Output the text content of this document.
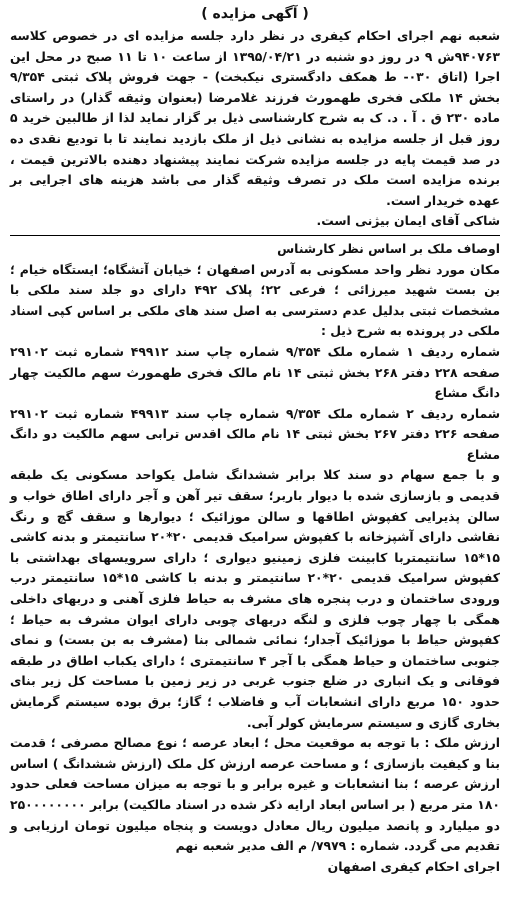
( آگهی مزایده )

شعبه نهم اجرای احکام کیفری در نظر دارد جلسه مزایده ای در خصوص کلاسه ۹۴۰۷۶۳ش ۹ در روز دو شنبه در ۱۳۹۵/۰۴/۲۱ از ساعت ۱۰ تا ۱۱ صبح در محل این اجرا (اتاق ۰۳۰- ط همکف دادگستری نیکبخت) - جهت فروش پلاک ثبتی ۹/۳۵۴ بخش ۱۴ ملکی فخری طهمورث فرزند غلامرضا (بعنوان وثیقه گذار) در راستای ماده ۲۳۰ ق . آ . د. ک به شرح کارشناسی ذیل بر گزار نماید لذا از طالبین خرید ۵ روز قبل از جلسه مزایده به نشانی ذیل از ملک بازدید نمایند تا با تودیع نقدی ده در صد قیمت پایه در جلسه مزایده شرکت نمایند پیشنهاد دهنده بالاترین قیمت ، برنده مزایده است ملک در تصرف وثیقه گذار می باشد هزینه های اجرایی بر عهده خریدار است.

شاکی آقای ایمان بیژنی است.

اوصاف ملک بر اساس نظر کارشناس

مکان مورد نظر واحد مسکونی به آدرس اصفهان ؛ خیابان آتشگاه؛ ایستگاه خیام ؛ بن بست شهید میرزائی ؛ فرعی ۲۲؛ پلاک ۴۹۲ دارای دو جلد سند ملکی با مشخصات ثبتی بدلیل عدم دسترسی به اصل سند های ملکی بر اساس کپی اسناد ملکی در پرونده به شرح ذیل :

شماره ردیف ۱ شماره ملک ۹/۳۵۴ شماره چاپ سند ۴۹۹۱۲ شماره ثبت ۲۹۱۰۲ صفحه ۲۲۸ دفتر ۲۶۸ بخش ثبتی ۱۴ نام مالک فخری طهمورث سهم مالکیت چهار دانگ مشاع

شماره ردیف ۲ شماره ملک ۹/۳۵۴ شماره چاپ سند ۴۹۹۱۳ شماره ثبت ۲۹۱۰۲ صفحه ۲۲۶ دفتر ۲۶۷ بخش ثبتی ۱۴ نام مالک اقدس ترابی سهم مالکیت دو دانگ مشاع

و با جمع سهام دو سند کلا برابر ششدانگ شامل یکواحد مسکونی یک طبقه قدیمی و بازسازی شده با دیوار باربر؛ سقف تیر آهن و آجر دارای اطاق خواب و سالن پذیرایی کفپوش اطاقها و سالن موزائیک ؛ دیوارها و سقف گچ و رنگ نقاشی دارای آشپزخانه با کفپوش سرامیک قدیمی ۲۰*۲۰ سانتیمتر و بدنه کاشی ۱۵*۱۵ سانتیمتربا کابینت فلزی زمینیو دیواری ؛ دارای سرویسهای بهداشتی با کفپوش سرامیک قدیمی ۲۰*۲۰ سانتیمتر و بدنه با کاشی ۱۵*۱۵ سانتیمتر درب ورودی ساختمان و درب پنجره های مشرف به حیاط فلزی آهنی و دربهای داخلی همگی با چهار چوب فلزی و لنگه دربهای چوبی دارای ایوان مشرف به حیاط ؛ کفپوش حیاط با موزائیک آجدار؛ نمائی شمالی بنا (مشرف به بن بست) و نمای جنوبی ساختمان و حیاط همگی با آجر ۴ سانتیمتری ؛ دارای یکباب اطاق در طبقه فوقانی و یک انباری در ضلع جنوب غربی در زیر زمین با مساحت کل زیر بنای حدود ۱۵۰ مربع دارای انشعابات آب و فاضلاب ؛ گاز؛ برق بوده سیستم گرمایش بخاری گازی و سیستم سرمایش کولر آبی.

ارزش ملک : با توجه به موقعیت محل ؛ ابعاد عرصه ؛ نوع مصالح مصرفی ؛ قدمت بنا و کیفیت بازسازی ؛ و مساحت عرصه ارزش کل ملک (ارزش ششدانگ ) اساس ارزش عرصه ؛ بنا انشعابات و غیره برابر و با توجه به میزان مساحت فعلی حدود ۱۸۰ متر مربع ( بر اساس ابعاد ارایه ذکر شده در اسناد مالکیت) برابر ۲۵۰۰۰۰۰۰۰۰ دو میلیارد و پانصد میلیون ریال معادل دویست و پنجاه میلیون تومان ارزیابی و تقدیم می گردد. شماره : ۷۹۷۹/ م الف مدیر شعبه نهم

اجرای احکام کیفری اصفهان
